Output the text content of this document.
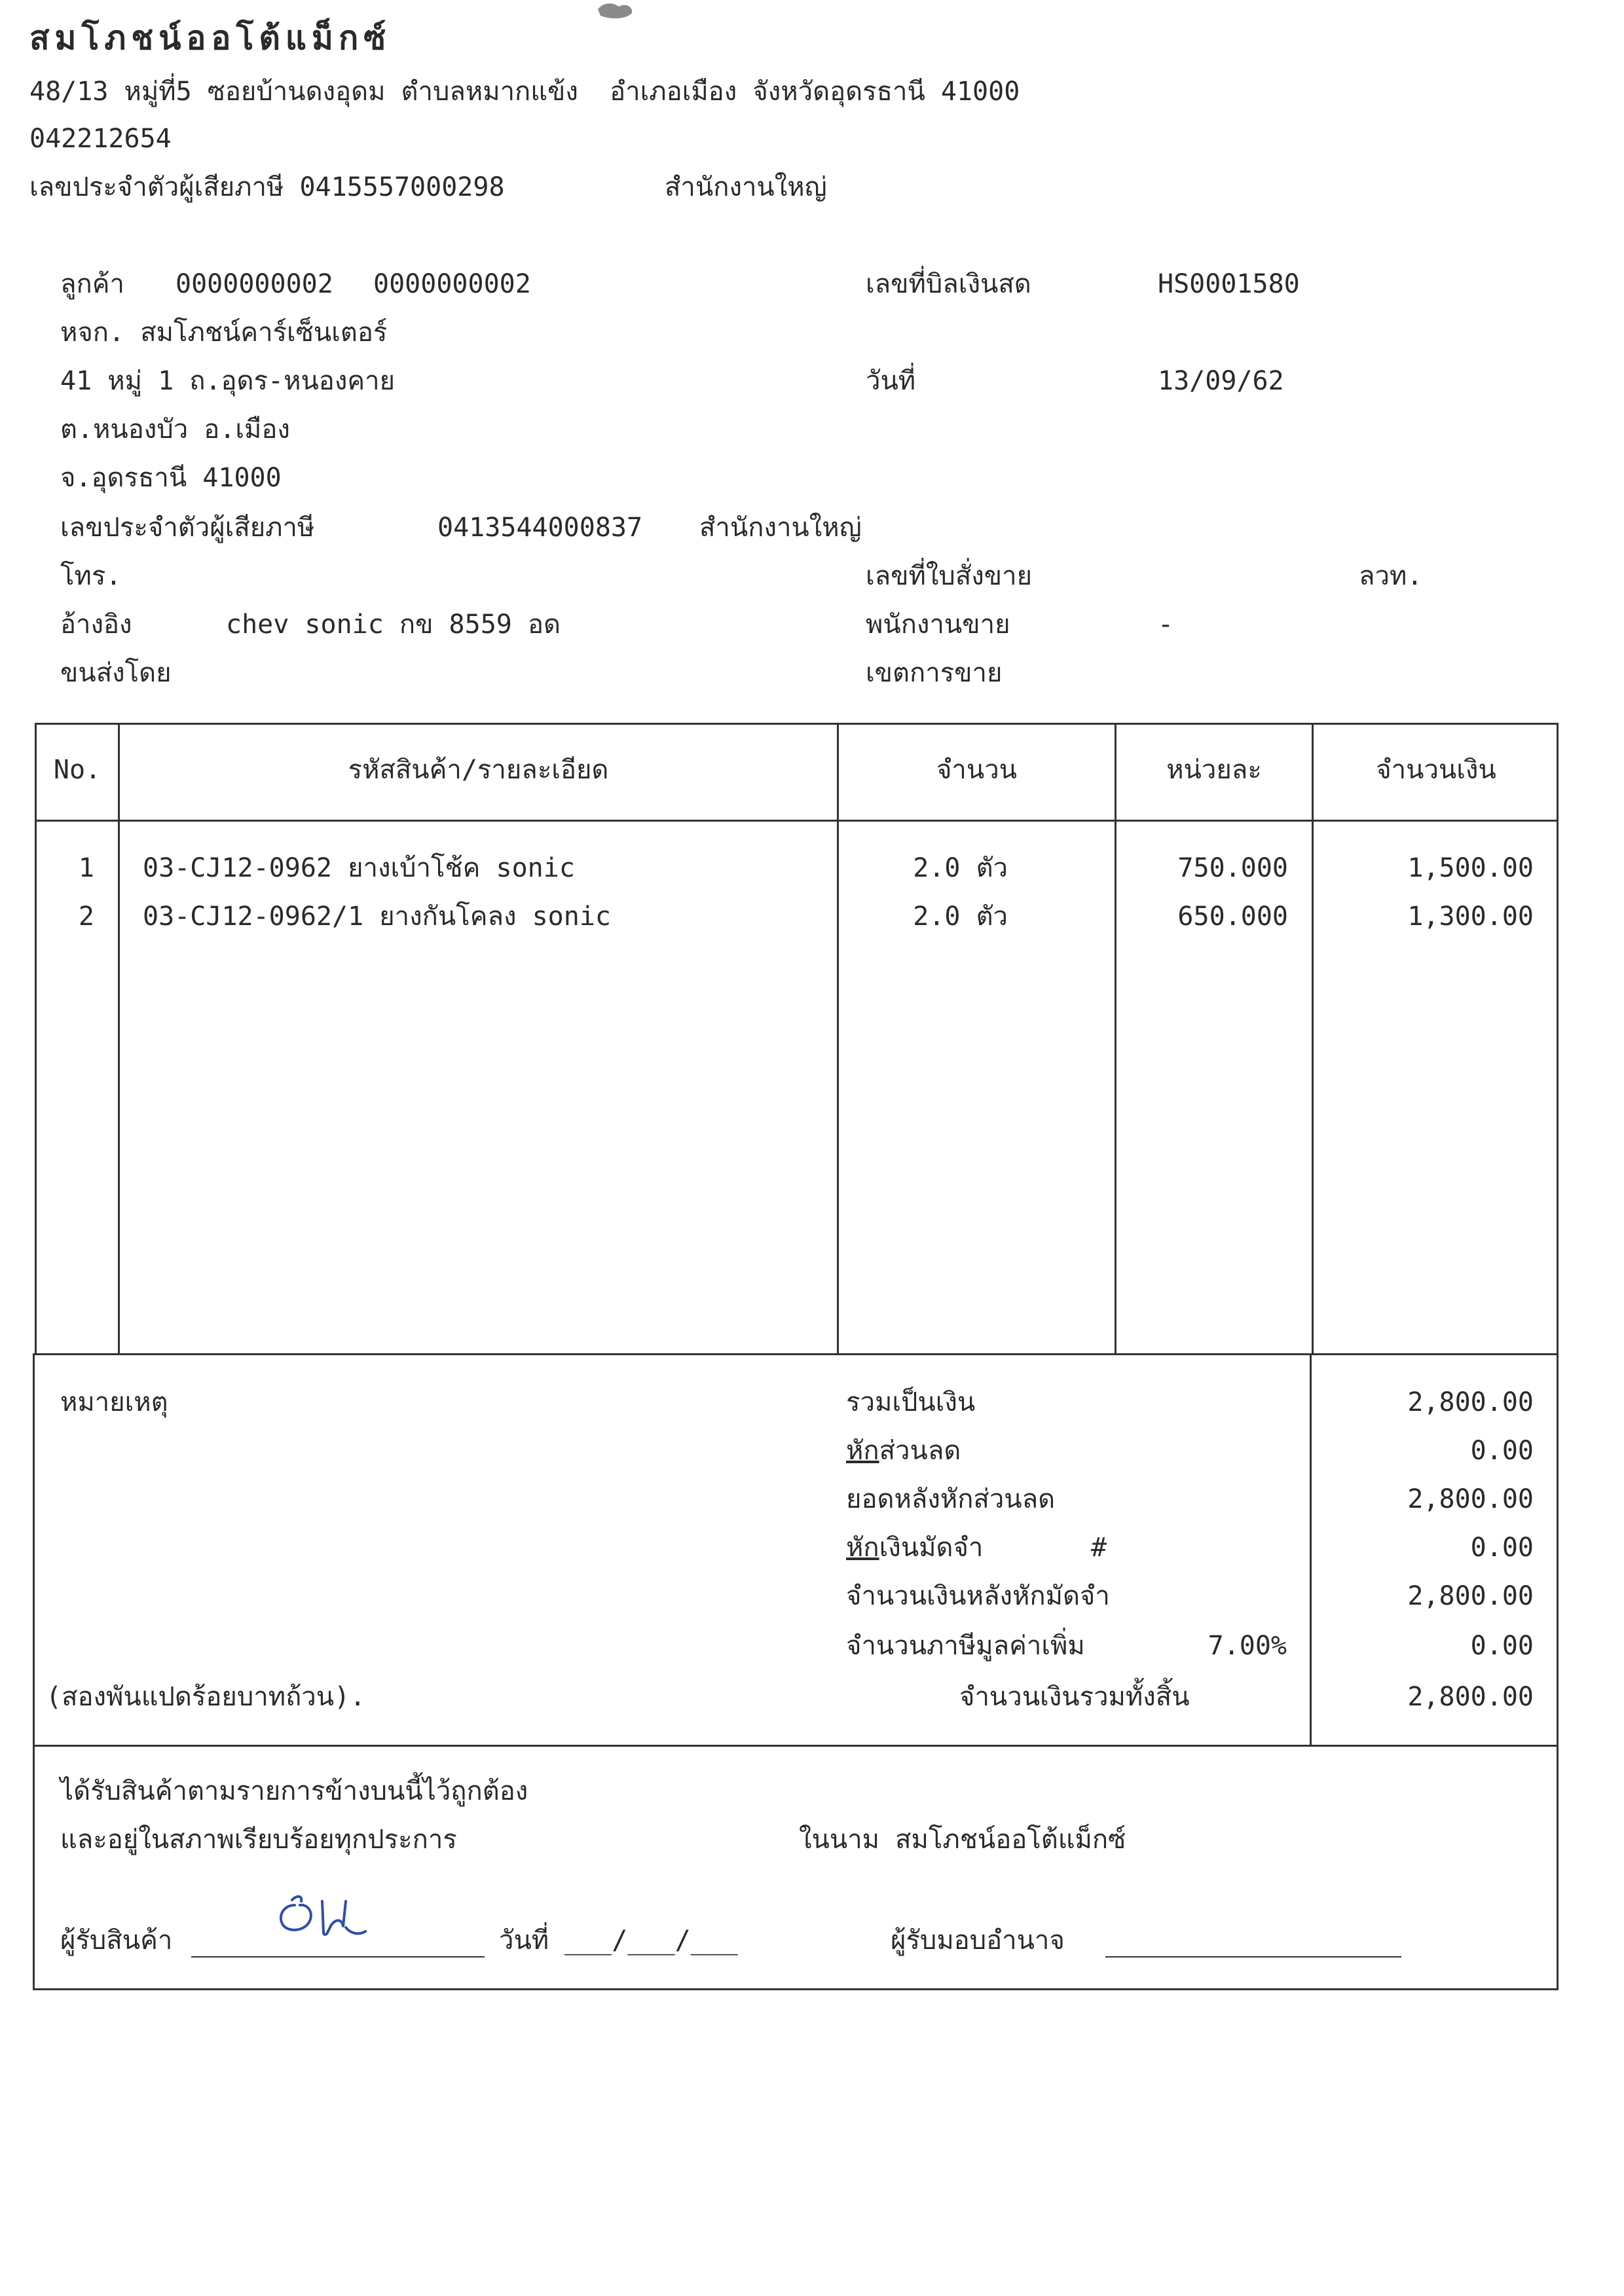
สมโภชน์ออโต้แม็กซ์
48/13 หมู่ที่5 ซอยบ้านดงอุดม ตำบลหมากแข้ง  อำเภอเมือง จังหวัดอุดรธานี 41000
042212654
เลขประจำตัวผู้เสียภาษี 0415557000298	สำนักงานใหญ่
ลูกค้า 0000000002 0000000002
หจก. สมโภชน์คาร์เซ็นเตอร์
41 หมู่ 1 ถ.อุดร-หนองคาย
ต.หนองบัว อ.เมือง
จ.อุดรธานี 41000
เลขประจำตัวผู้เสียภาษี	0413544000837 สำนักงานใหญ่
โทร.
อ้างอิง	chev sonic กข 8559 อด
ขนส่งโดย
เลขที่บิลเงินสด	HS0001580
วันที่	13/09/62
เลขที่ใบสั่งขาย	ลวท.
พนักงานขาย	-
เขตการขาย
No.	รหัสสินค้า/รายละเอียด	จำนวน	หน่วยละ	จำนวนเงิน
1 03-CJ12-0962 ยางเบ้าโช้ค sonic	2.0 ตัว	750.000	1,500.00
2 03-CJ12-0962/1 ยางกันโคลง sonic	2.0 ตัว	650.000	1,300.00
หมายเหตุ	รวมเป็นเงิน	2,800.00
หักส่วนลด	0.00
ยอดหลังหักส่วนลด	2,800.00
หักเงินมัดจำ	#	0.00
จำนวนเงินหลังหักมัดจำ	2,800.00
จำนวนภาษีมูลค่าเพิ่ม	7.00%	0.00
(สองพันแปดร้อยบาทถ้วน).	จำนวนเงินรวมทั้งสิ้น	2,800.00
ได้รับสินค้าตามรายการข้างบนนี้ไว้ถูกต้อง
และอยู่ในสภาพเรียบร้อยทุกประการ	ในนาม สมโภชน์ออโต้แม็กซ์
ผู้รับสินค้า	วันที่ ___/___/___	ผู้รับมอบอำนาจ
